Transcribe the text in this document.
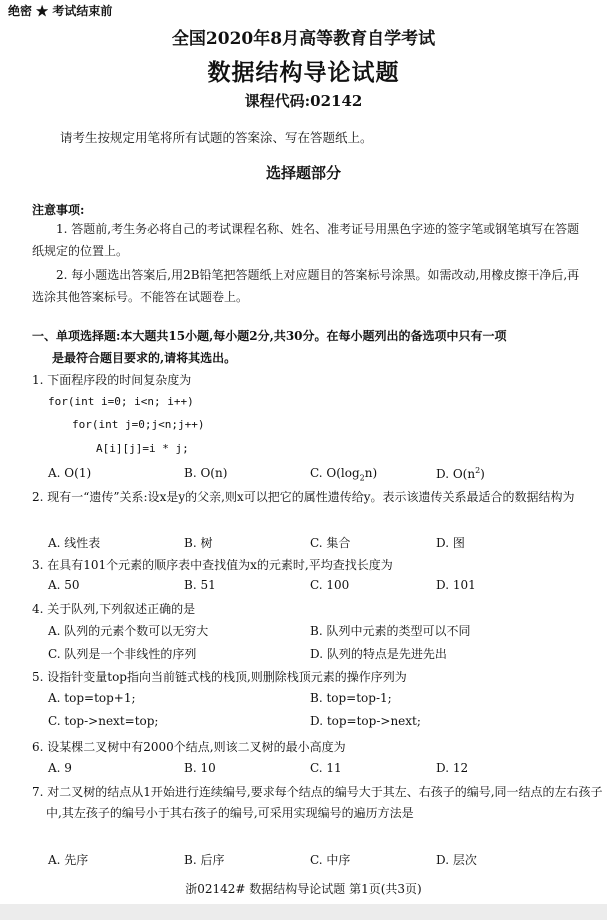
绝密 ★ 考试结束前
全国2020年8月高等教育自学考试
数据结构导论试题
课程代码:02142
请考生按规定用笔将所有试题的答案涂、写在答题纸上。
选择题部分
注意事项:
1. 答题前,考生务必将自己的考试课程名称、姓名、准考证号用黑色字迹的签字笔或钢笔填写在答题纸规定的位置上。
2. 每小题选出答案后,用2B铅笔把答题纸上对应题目的答案标号涂黑。如需改动,用橡皮擦干净后,再选涂其他答案标号。不能答在试题卷上。
一、单项选择题:本大题共15小题,每小题2分,共30分。在每小题列出的备选项中只有一项
是最符合题目要求的,请将其选出。
1. 下面程序段的时间复杂度为
for(int i=0; i<n; i++)
for(int j=0;j<n;j++)
A[i][j]=i * j;
A. O(1)	B. O(n)	C. $O(\log_2n)$	D. $O(n^2)$
2. 现有一“遗传”关系:设x是y的父亲,则x可以把它的属性遗传给y。表示该遗传关系最适合的数据结构为
A. 线性表	B. 树	C. 集合	D. 图
3. 在具有101个元素的顺序表中查找值为x的元素时,平均查找长度为
A. 50	B. 51	C. 100	D. 101
4. 关于队列,下列叙述正确的是
A. 队列的元素个数可以无穷大	B. 队列中元素的类型可以不同
C. 队列是一个非线性的序列	D. 队列的特点是先进先出
5. 设指针变量top指向当前链式栈的栈顶,则删除栈顶元素的操作序列为
A. top=top+1;	B. top=top-1;
C. top->next=top;	D. top=top->next;
6. 设某棵二叉树中有2000个结点,则该二叉树的最小高度为
A. 9	B. 10	C. 11	D. 12
7. 对二叉树的结点从1开始进行连续编号,要求每个结点的编号大于其左、右孩子的编号,同一结点的左右孩子中,其左孩子的编号小于其右孩子的编号,可采用实现编号的遍历方法是
A. 先序	B. 后序	C. 中序	D. 层次
浙02142# 数据结构导论试题 第1页(共3页)
